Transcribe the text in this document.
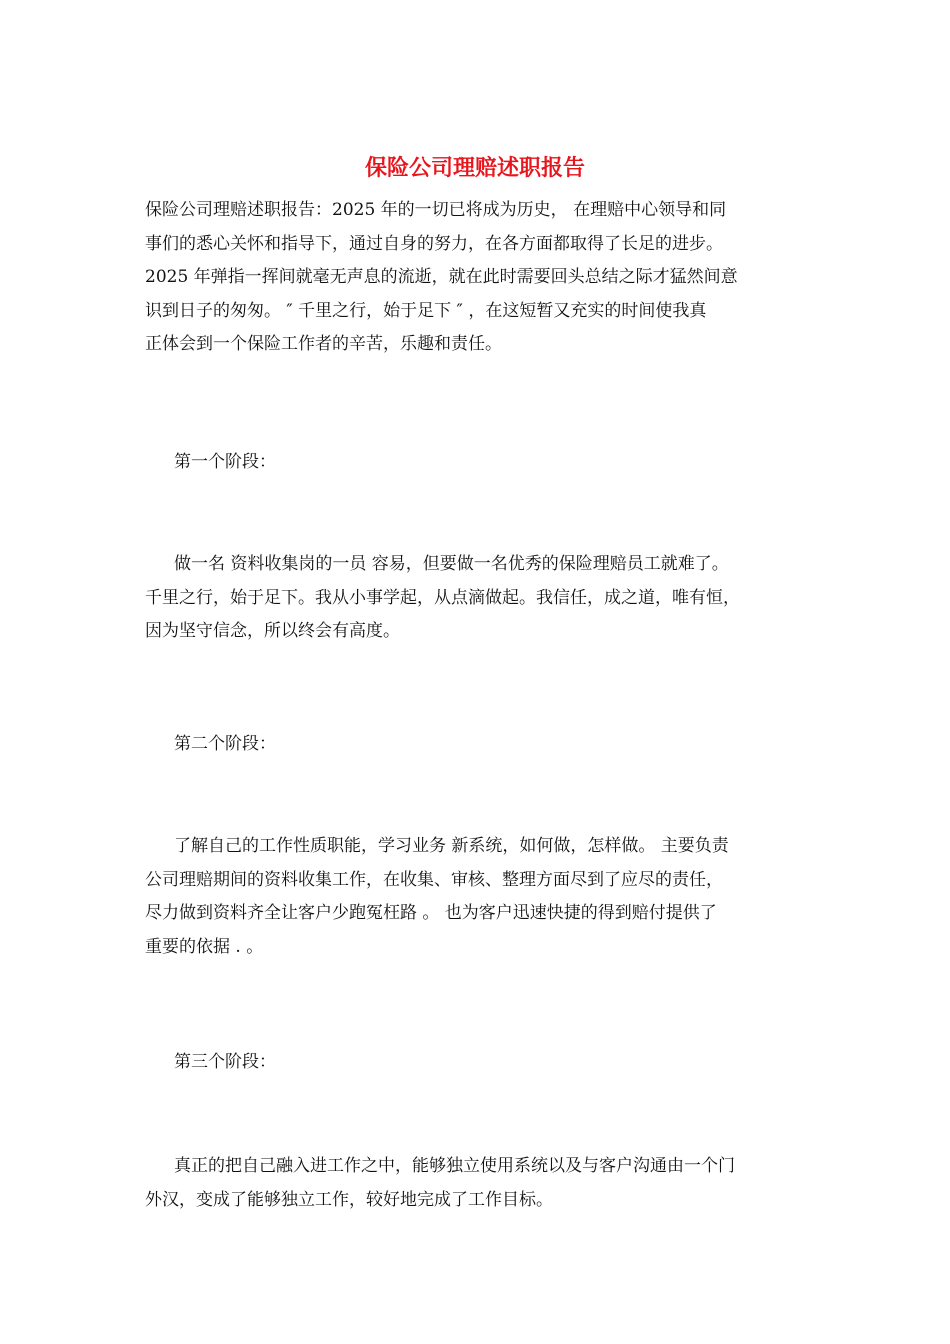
保险公司理赔述职报告

保险公司理赔述职报告：2025 年的一切已将成为历史， 在理赔中心领导和同
事们的悉心关怀和指导下，通过自身的努力，在各方面都取得了长足的进步。
2025 年弹指一挥间就毫无声息的流逝，就在此时需要回头总结之际才猛然间意
识到日子的匆匆。 ″ 千里之行，始于足下 ″ ，在这短暂又充实的时间使我真
正体会到一个保险工作者的辛苦，乐趣和责任。

第一个阶段：

做一名 资料收集岗的一员 容易，但要做一名优秀的保险理赔员工就难了。
千里之行，始于足下。我从小事学起，从点滴做起。我信任，成之道，唯有恒，
因为坚守信念，所以终会有高度。

第二个阶段：

了解自己的工作性质职能，学习业务 新系统，如何做，怎样做。 主要负责
公司理赔期间的资料收集工作，在收集、审核、整理方面尽到了应尽的责任，
尽力做到资料齐全让客户少跑冤枉路 。 也为客户迅速快捷的得到赔付提供了
重要的依据 . 。

第三个阶段：

真正的把自己融入进工作之中，能够独立使用系统以及与客户沟通由一个门
外汉，变成了能够独立工作，较好地完成了工作目标。
